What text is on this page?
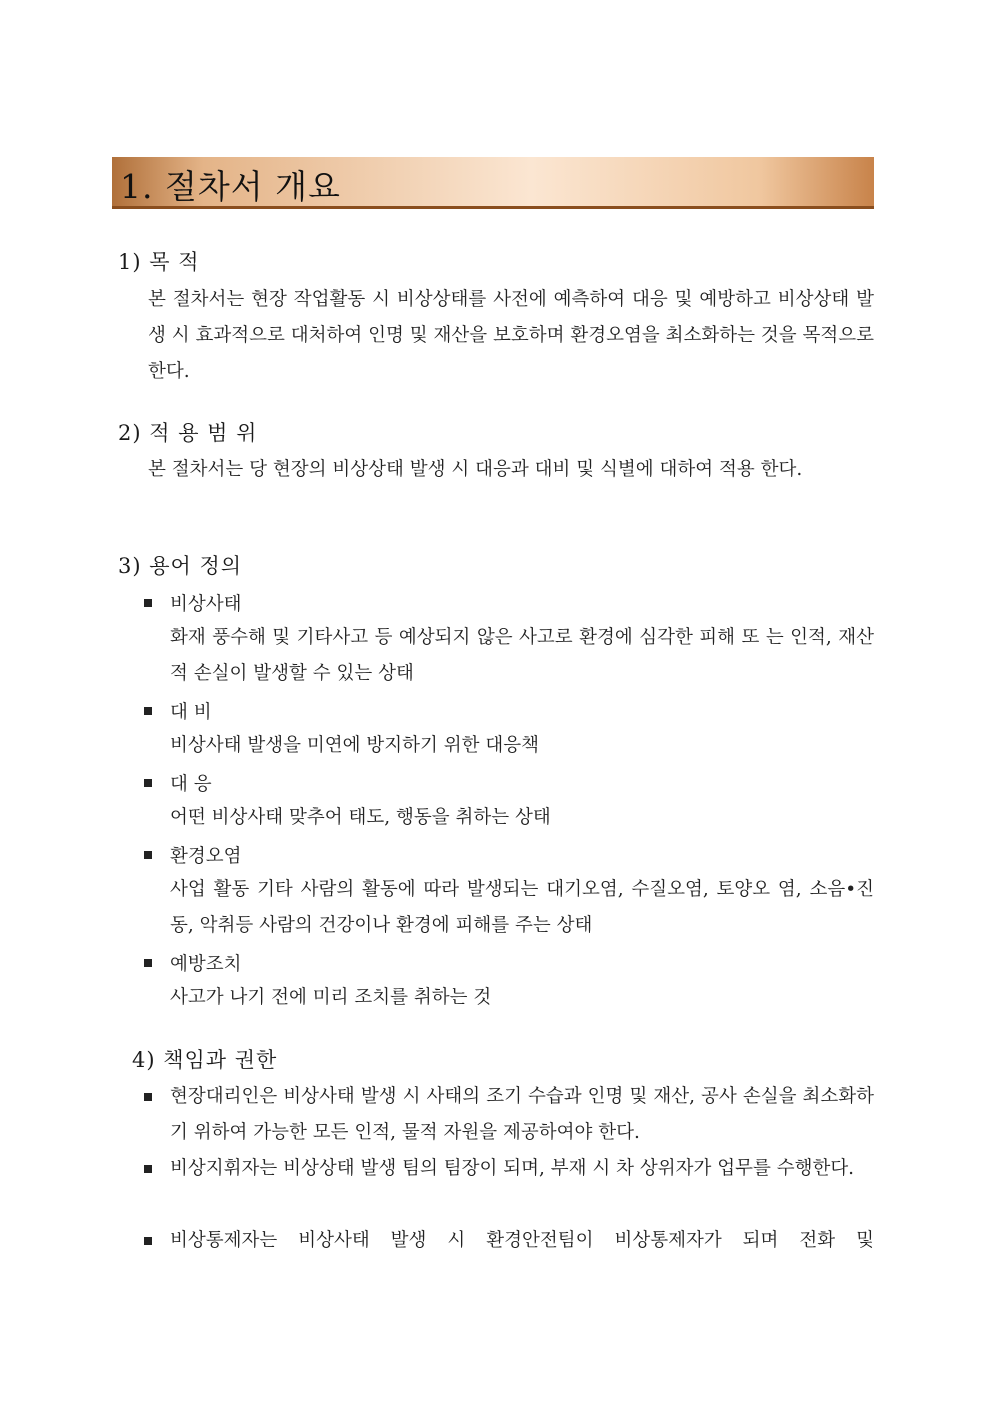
1. 절차서 개요
1) 목 적
본 절차서는 현장 작업활동 시 비상상태를 사전에 예측하여 대응 및 예방하고 비상상태 발생 시 효과적으로 대처하여 인명 및 재산을 보호하며 환경오염을 최소화하는 것을 목적으로 한다.
2) 적 용 범 위
본 절차서는 당 현장의 비상상태 발생 시 대응과 대비 및 식별에 대하여 적용 한다.
3) 용어 정의
비상사태
화재 풍수해 및 기타사고 등 예상되지 않은 사고로 환경에 심각한 피해 또 는 인적, 재산적 손실이 발생할 수 있는 상태
대 비
비상사태 발생을 미연에 방지하기 위한 대응책
대 응
어떤 비상사태 맞추어 태도, 행동을 취하는 상태
환경오염
사업 활동 기타 사람의 활동에 따라 발생되는 대기오염, 수질오염, 토양오 염, 소음•진동, 악취등 사람의 건강이나 환경에 피해를 주는 상태
예방조치
사고가 나기 전에 미리 조치를 취하는 것
4) 책임과 권한
현장대리인은 비상사태 발생 시 사태의 조기 수습과 인명 및 재산, 공사 손실을 최소화하기 위하여 가능한 모든 인적, 물적 자원을 제공하여야 한다.
비상지휘자는 비상상태 발생 팀의 팀장이 되며, 부재 시 차 상위자가 업무를 수행한다.
비상통제자는 비상사태 발생 시 환경안전팀이 비상통제자가 되며 전화 및
